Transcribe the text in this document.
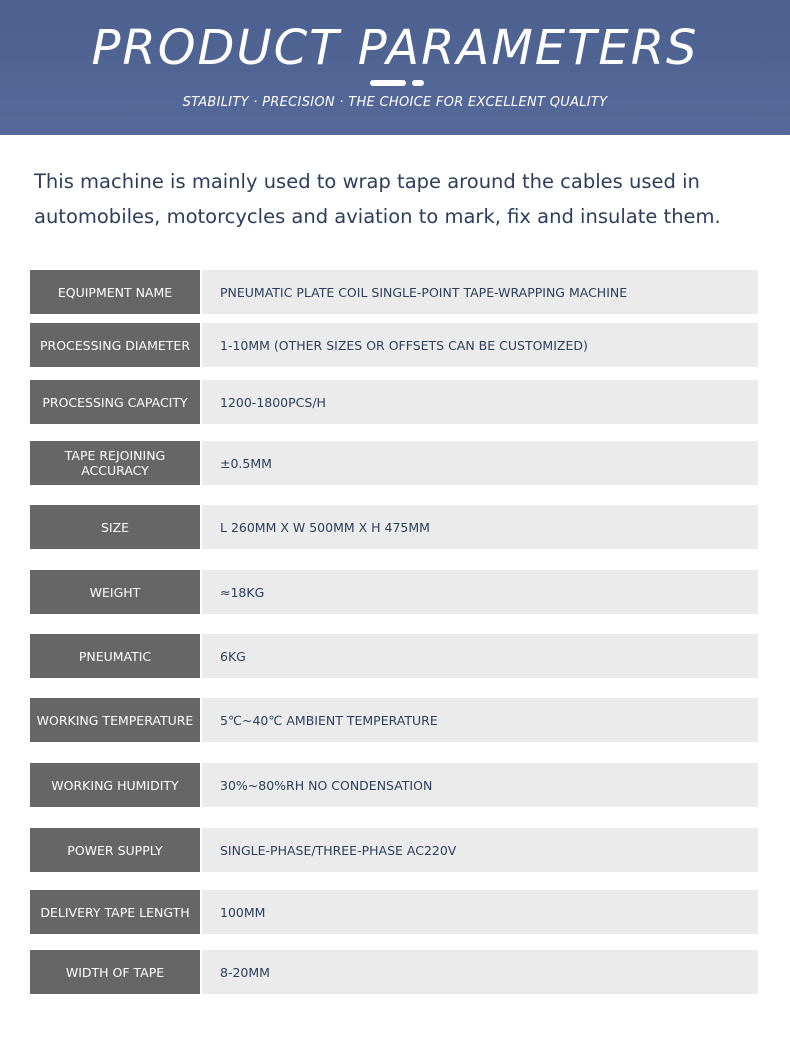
PRODUCT PARAMETERS
STABILITY · PRECISION · THE CHOICE FOR EXCELLENT QUALITY
This machine is mainly used to wrap tape around the cables used in automobiles, motorcycles and aviation to mark, fix and insulate them.
EQUIPMENT NAME	PNEUMATIC PLATE COIL SINGLE-POINT TAPE-WRAPPING MACHINE
PROCESSING DIAMETER	1-10MM (OTHER SIZES OR OFFSETS CAN BE CUSTOMIZED)
PROCESSING CAPACITY	1200-1800PCS/H
TAPE REJOINING ACCURACY	±0.5MM
SIZE	L 260MM X W 500MM X H 475MM
WEIGHT	≈18KG
PNEUMATIC	6KG
WORKING TEMPERATURE	5℃~40℃ AMBIENT TEMPERATURE
WORKING HUMIDITY	30%~80%RH NO CONDENSATION
POWER SUPPLY	SINGLE-PHASE/THREE-PHASE AC220V
DELIVERY TAPE LENGTH	100MM
WIDTH OF TAPE	8-20MM
